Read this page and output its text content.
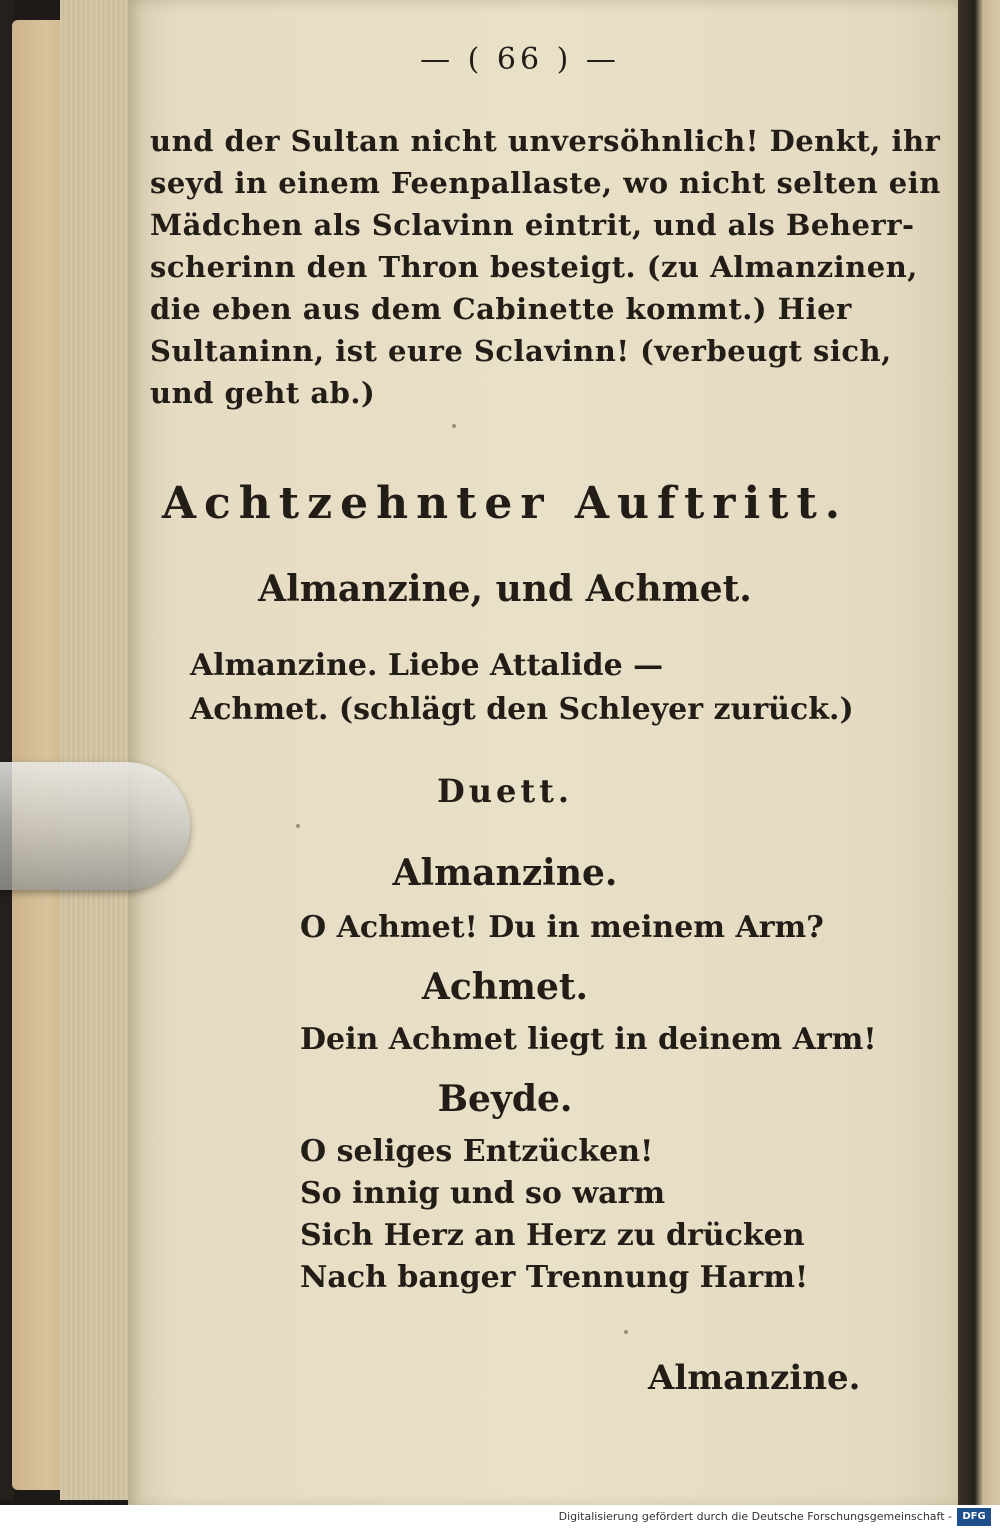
— ( 66 ) —
und der Sultan nicht unversöhnlich! Denkt, ihr
seyd in einem Feenpallaste, wo nicht selten ein
Mädchen als Sclavinn eintrit, und als Beherr-
scherinn den Thron besteigt. (zu Almanzinen,
die eben aus dem Cabinette kommt.) Hier
Sultaninn, ist eure Sclavinn! (verbeugt sich,
und geht ab.)
Achtzehnter Auftritt.
Almanzine, und Achmet.
Almanzine. Liebe Attalide —
Achmet. (schlägt den Schleyer zurück.)
Duett.
Almanzine.
O Achmet! Du in meinem Arm?
Achmet.
Dein Achmet liegt in deinem Arm!
Beyde.
O seliges Entzücken!
So innig und so warm
Sich Herz an Herz zu drücken
Nach banger Trennung Harm!
Almanzine.
Digitalisierung gefördert durch die Deutsche Forschungsgemeinschaft -	DFG
